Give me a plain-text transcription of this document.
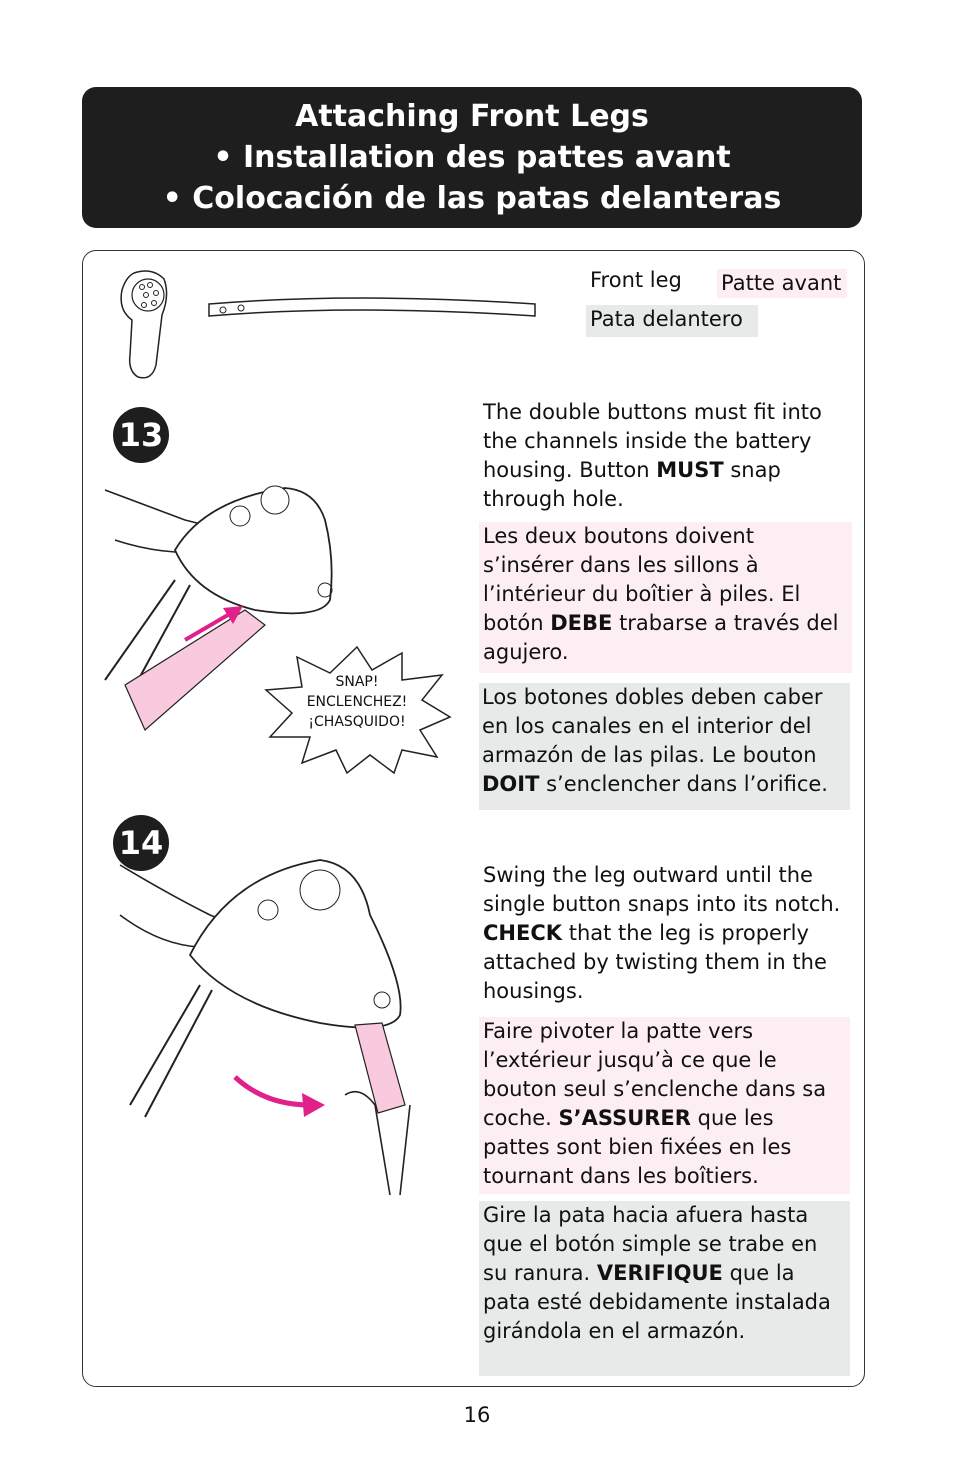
Attaching Front Legs
• Installation des pattes avant
• Colocación de las patas delanteras
Front leg Patte avant
Pata delantero
13
SNAP!
ENCLENCHEZ!
¡CHASQUIDO!
The double buttons must fit into the channels inside the battery housing. Button MUST snap through hole.
Les deux boutons doivent s’insérer dans les sillons à l’intérieur du boîtier à piles. El botón DEBE trabarse a través del agujero.
Los botones dobles deben caber en los canales en el interior del armazón de las pilas. Le bouton DOIT s’enclencher dans l’orifice.
14
Swing the leg outward until the single button snaps into its notch. CHECK that the leg is properly attached by twisting them in the housings.
Faire pivoter la patte vers l’extérieur jusqu’à ce que le bouton seul s’enclenche dans sa coche. S’ASSURER que les pattes sont bien fixées en les tournant dans les boîtiers.
Gire la pata hacia afuera hasta que el botón simple se trabe en su ranura. VERIFIQUE que la pata esté debidamente instalada girándola en el armazón.
16
